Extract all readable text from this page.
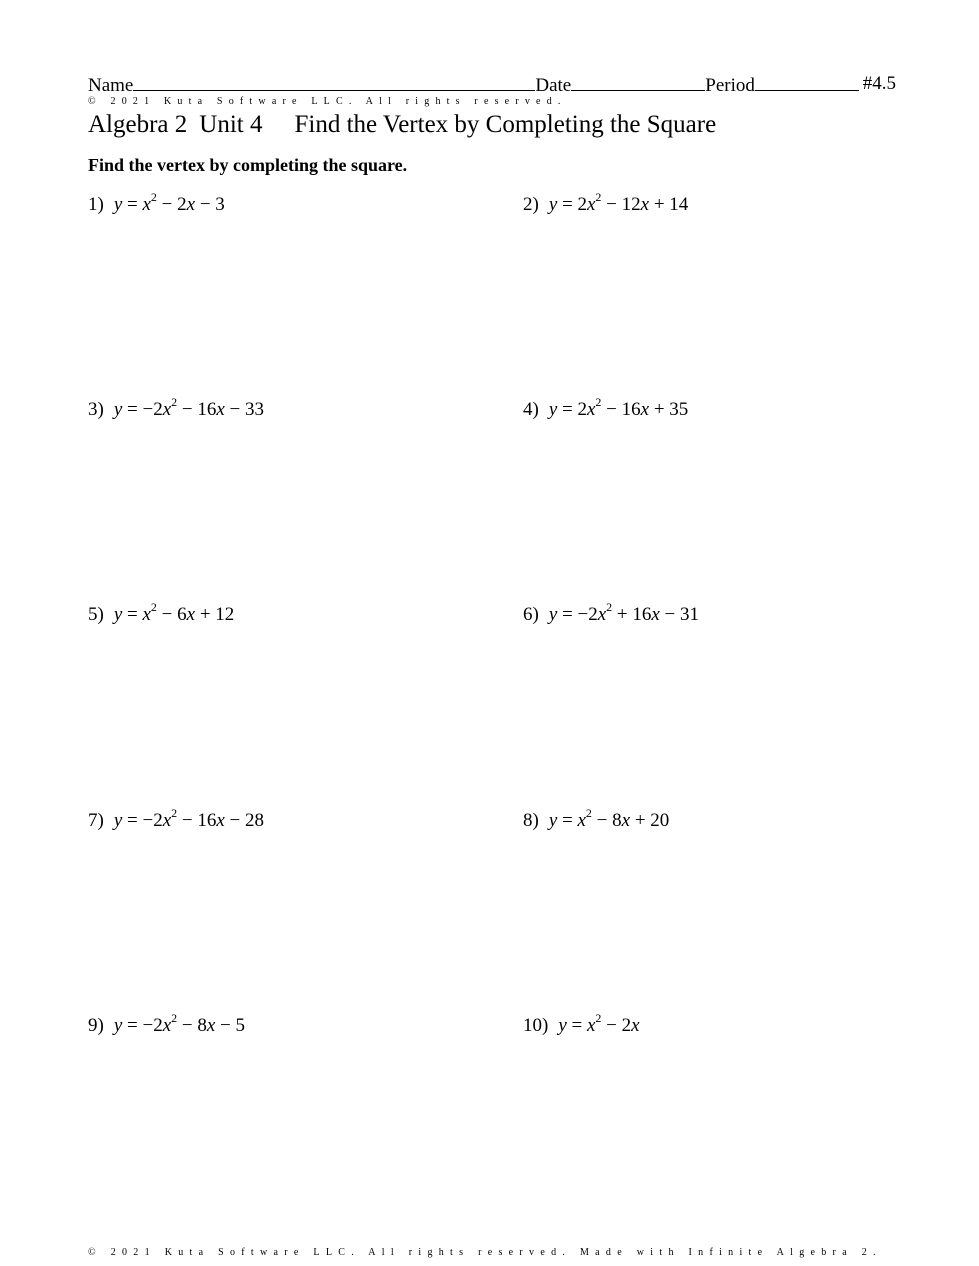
Name	Date	Period	#4.5
© 2021 Kuta Software LLC. All rights reserved.
Algebra 2 Unit 4 Find the Vertex by Completing the Square
Find the vertex by completing the square.
1) $y = x^2 - 2x - 3$	2) $y = 2x^2 - 12x + 14$
3) $y = -2x^2 - 16x - 33$	4) $y = 2x^2 - 16x + 35$
5) $y = x^2 - 6x + 12$	6) $y = -2x^2 + 16x - 31$
7) $y = -2x^2 - 16x - 28$	8) $y = x^2 - 8x + 20$
9) $y = -2x^2 - 8x - 5$	10) $y = x^2 - 2x$
© 2021 Kuta Software LLC. All rights reserved. Made with Infinite Algebra 2.
